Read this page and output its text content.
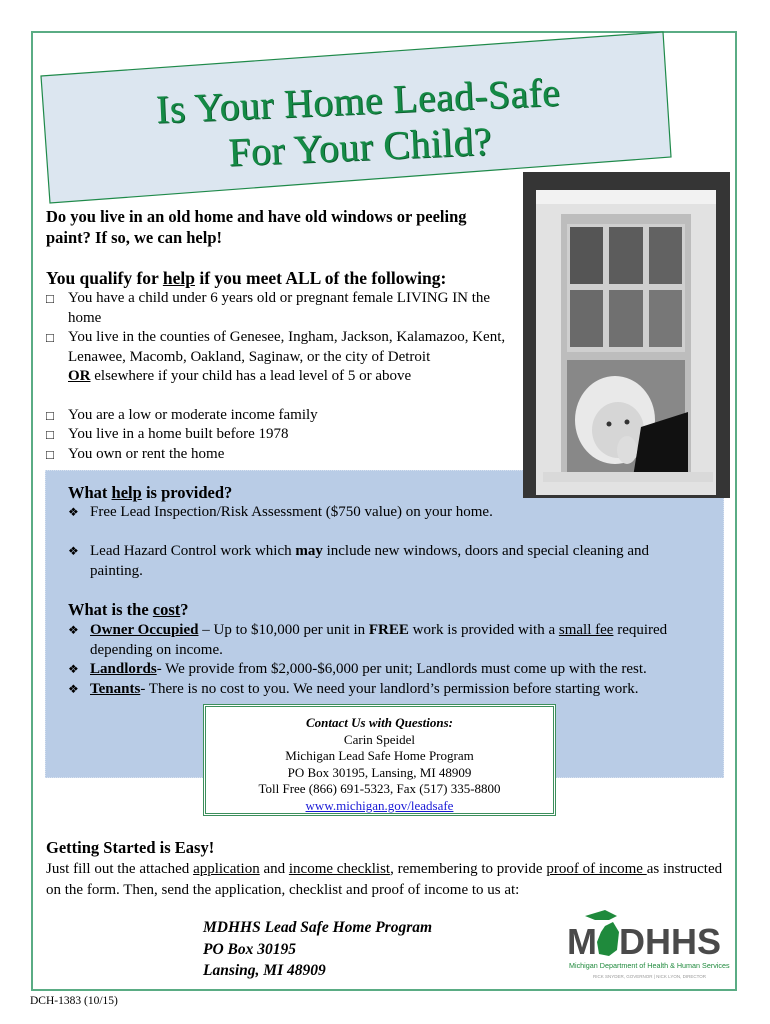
Is Your Home Lead-Safe
For Your Child?
Do you live in an old home and have old windows or peeling paint? If so, we can help!
You qualify for help if you meet ALL of the following:
□ You have a child under 6 years old or pregnant female LIVING IN the home
□ You live in the counties of Genesee, Ingham, Jackson, Kalamazoo, Kent, Lenawee, Macomb, Oakland, Saginaw, or the city of Detroit
OR elsewhere if your child has a lead level of 5 or above
□ You are a low or moderate income family
□ You live in a home built before 1978
□ You own or rent the home
What help is provided?
❖ Free Lead Inspection/Risk Assessment ($750 value) on your home.
❖ Lead Hazard Control work which may include new windows, doors and special cleaning and painting.
What is the cost?
❖ Owner Occupied – Up to $10,000 per unit in FREE work is provided with a small fee required depending on income.
❖ Landlords- We provide from $2,000-$6,000 per unit; Landlords must come up with the rest.
❖ Tenants- There is no cost to you. We need your landlord’s permission before starting work.
Contact Us with Questions:
Carin Speidel
Michigan Lead Safe Home Program
PO Box 30195, Lansing, MI 48909
Toll Free (866) 691-5323, Fax (517) 335-8800
www.michigan.gov/leadsafe
Getting Started is Easy!
Just fill out the attached application and income checklist, remembering to provide proof of income as instructed on the form. Then, send the application, checklist and proof of income to us at:
MDHHS Lead Safe Home Program
PO Box 30195
Lansing, MI 48909
M DHHS
Michigan Department of Health & Human Services
RICK SNYDER, GOVERNOR | NICK LYON, DIRECTOR
DCH-1383 (10/15)
